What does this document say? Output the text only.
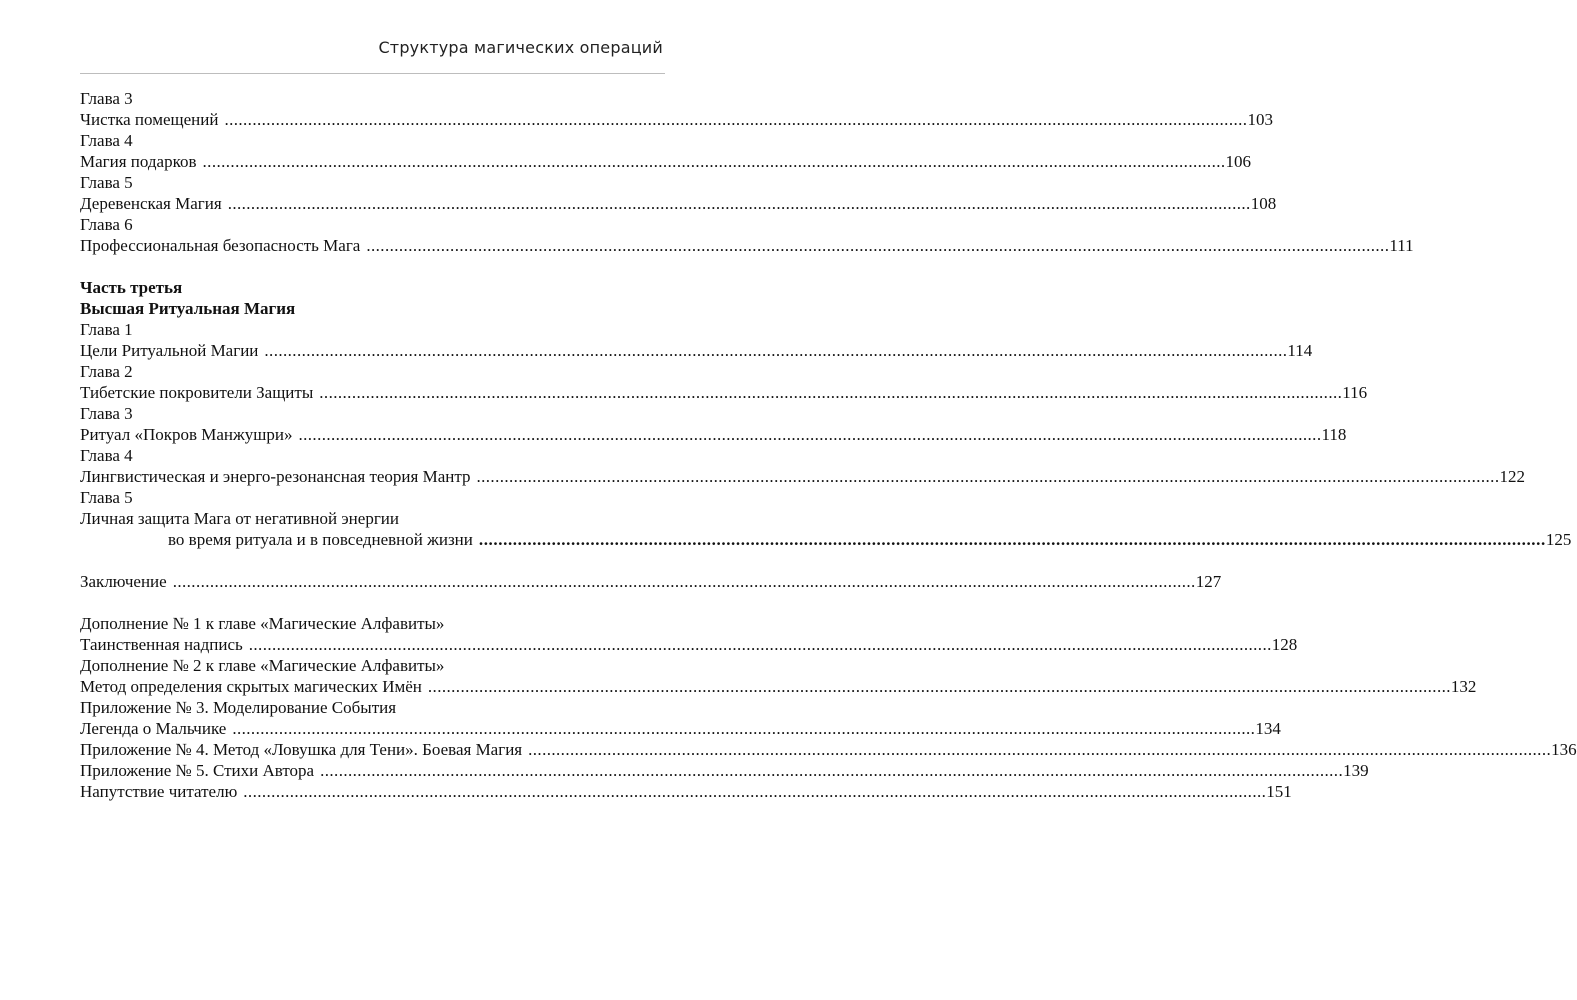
Структура магических операций
Глава 3
Чистка помещений ............................................................................................................................................................................................................................ 103
Глава 4
Магия подарков ............................................................................................................................................................................................................................ 106
Глава 5
Деревенская Магия ............................................................................................................................................................................................................................ 108
Глава 6
Профессиональная безопасность Мага ............................................................................................................................................................................................................................ 111
Часть третья
Высшая Ритуальная Магия
Глава 1
Цели Ритуальной Магии ............................................................................................................................................................................................................................ 114
Глава 2
Тибетские покровители Защиты ............................................................................................................................................................................................................................ 116
Глава 3
Ритуал «Покров Манжушри» ............................................................................................................................................................................................................................ 118
Глава 4
Лингвистическая и энерго-резонансная теория Мантр ............................................................................................................................................................................................................................ 122
Глава 5
Личная защита Мага от негативной энергии
во время ритуала и в повседневной жизни ............................................................................................................................................................................................................................ 125
Заключение ............................................................................................................................................................................................................................ 127
Дополнение № 1 к главе «Магические Алфавиты»
Таинственная надпись ............................................................................................................................................................................................................................ 128
Дополнение № 2 к главе «Магические Алфавиты»
Метод определения скрытых магических Имён ............................................................................................................................................................................................................................ 132
Приложение № 3. Моделирование События
Легенда о Мальчике ............................................................................................................................................................................................................................ 134
Приложение № 4. Метод «Ловушка для Тени». Боевая Магия ............................................................................................................................................................................................................................ 136
Приложение № 5. Стихи Автора ............................................................................................................................................................................................................................ 139
Напутствие читателю ............................................................................................................................................................................................................................ 151
